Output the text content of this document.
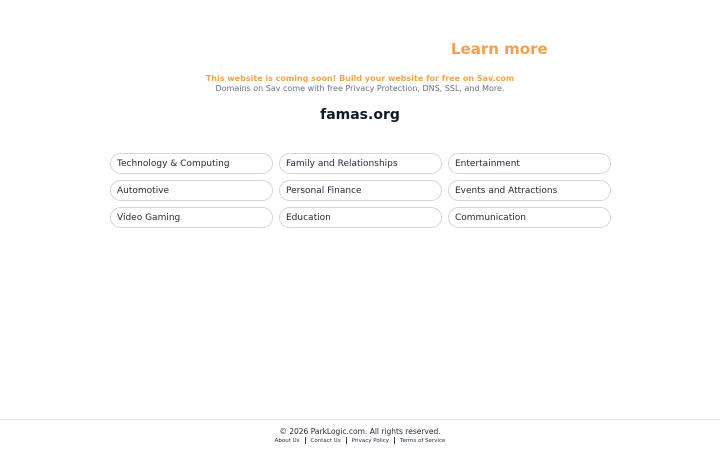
Learn more
This website is coming soon! Build your website for free on Sav.com
Domains on Sav come with free Privacy Protection, DNS, SSL, and More.
famas.org
Technology & Computing	Family and Relationships	Entertainment
Automotive	Personal Finance	Events and Attractions
Video Gaming	Education	Communication
© 2026 ParkLogic.com. All rights reserved.
About Us	Contact Us	Privacy Policy	Terms of Service
